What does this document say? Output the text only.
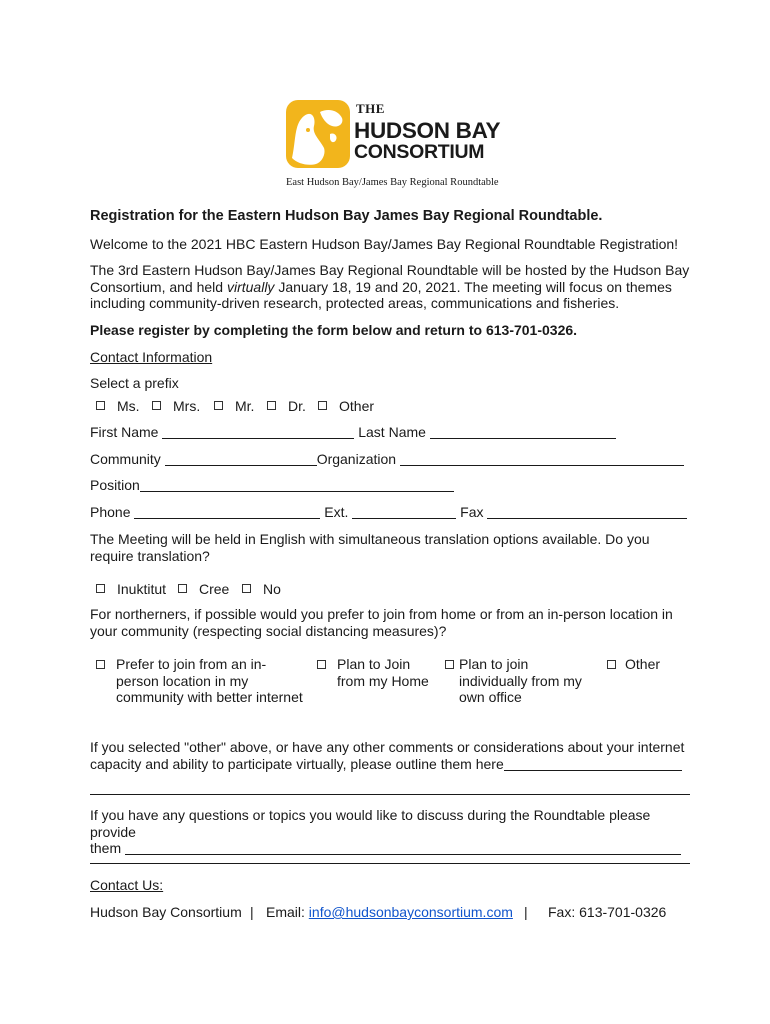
THE
HUDSON BAY
CONSORTIUM
East Hudson Bay/James Bay Regional Roundtable
Registration for the Eastern Hudson Bay James Bay Regional Roundtable.
Welcome to the 2021 HBC Eastern Hudson Bay/James Bay Regional Roundtable Registration!
The 3rd Eastern Hudson Bay/James Bay Regional Roundtable will be hosted by the Hudson Bay
Consortium, and held virtually January 18, 19 and 20, 2021. The meeting will focus on themes
including community-driven research, protected areas, communications and fisheries.
Please register by completing the form below and return to 613-701-0326.
Contact Information
Select a prefix
Ms.	Mrs.	Mr.	Dr.	Other
First Name	Last Name
Community	Organization
Position
Phone	Ext.	Fax
The Meeting will be held in English with simultaneous translation options available. Do you
require translation?
Inuktitut	Cree	No
For northerners, if possible would you prefer to join from home or from an in-person location in
your community (respecting social distancing measures)?
Prefer to join from an in-
person location in my
community with better internet
Plan to Join
from my Home
Plan to join
individually from my
own office
Other
If you selected "other" above, or have any other comments or considerations about your internet
capacity and ability to participate virtually, please outline them here
If you have any questions or topics you would like to discuss during the Roundtable please provide
them
Contact Us:
Hudson Bay Consortium | Email: info@hudsonbayconsortium.com | Fax: 613-701-0326
